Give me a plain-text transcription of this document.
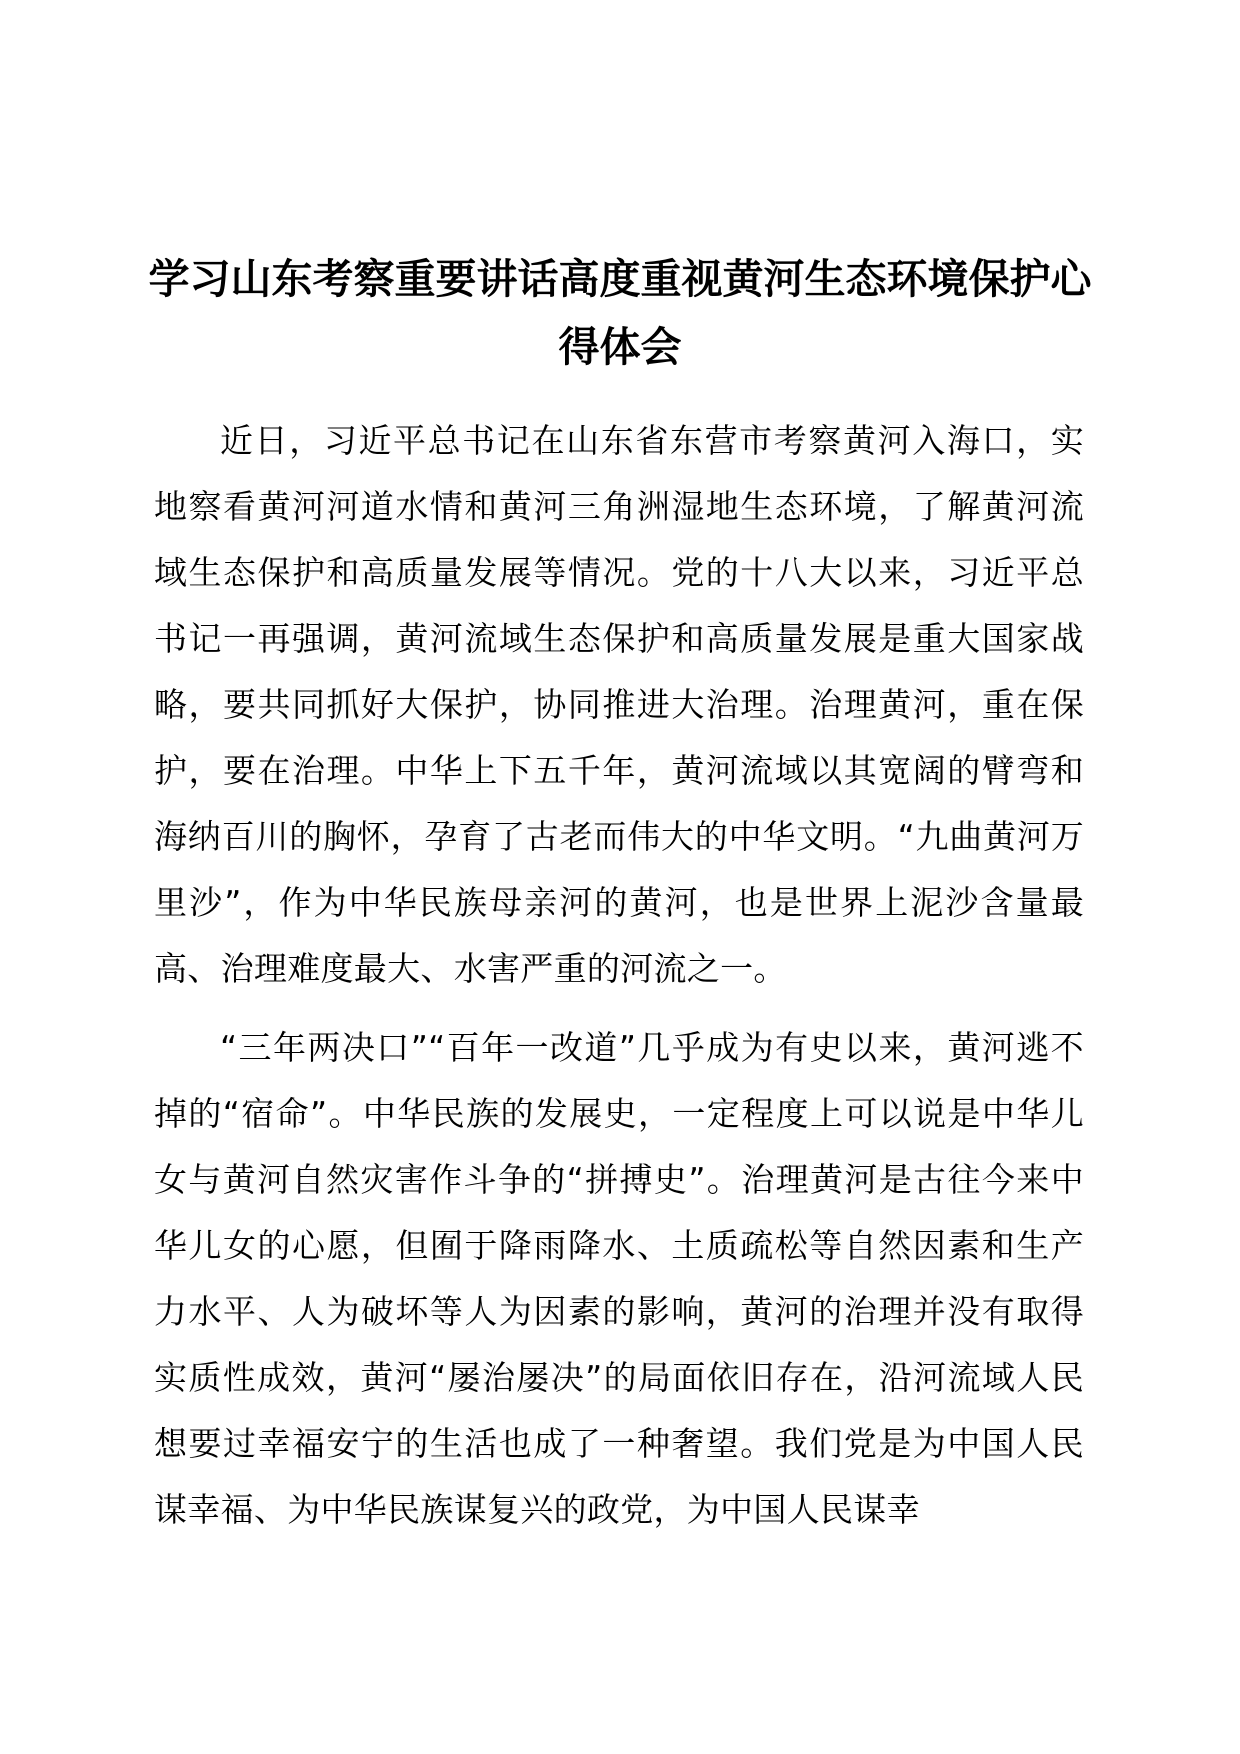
学习山东考察重要讲话高度重视黄河生态环境保护心得体会

近日，习近平总书记在山东省东营市考察黄河入海口，实地察看黄河河道水情和黄河三角洲湿地生态环境，了解黄河流域生态保护和高质量发展等情况。党的十八大以来，习近平总书记一再强调，黄河流域生态保护和高质量发展是重大国家战略，要共同抓好大保护，协同推进大治理。治理黄河，重在保护，要在治理。中华上下五千年，黄河流域以其宽阔的臂弯和海纳百川的胸怀，孕育了古老而伟大的中华文明。“九曲黄河万里沙”，作为中华民族母亲河的黄河，也是世界上泥沙含量最高、治理难度最大、水害严重的河流之一。

“三年两决口”“百年一改道”几乎成为有史以来，黄河逃不掉的“宿命”。中华民族的发展史，一定程度上可以说是中华儿女与黄河自然灾害作斗争的“拼搏史”。治理黄河是古往今来中华儿女的心愿，但囿于降雨降水、土质疏松等自然因素和生产力水平、人为破坏等人为因素的影响，黄河的治理并没有取得实质性成效，黄河“屡治屡决”的局面依旧存在，沿河流域人民想要过幸福安宁的生活也成了一种奢望。我们党是为中国人民谋幸福、为中华民族谋复兴的政党，为中国人民谋幸
